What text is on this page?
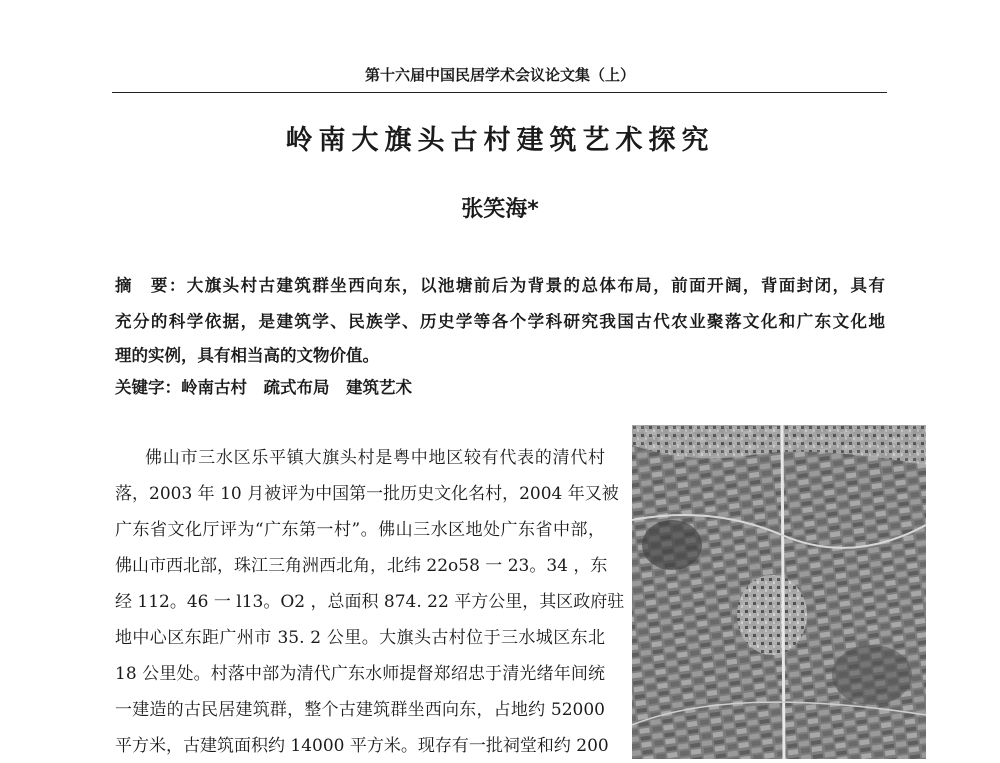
第十六届中国民居学术会议论文集（上）
岭南大旗头古村建筑艺术探究
张笑海*
摘　要：大旗头村古建筑群坐西向东，以池塘前后为背景的总体布局，前面开阔，背面封闭，具有
充分的科学依据，是建筑学、民族学、历史学等各个学科研究我国古代农业聚落文化和广东文化地
理的实例，具有相当高的文物价值。
关键字：岭南古村　疏式布局　建筑艺术
佛山市三水区乐平镇大旗头村是粤中地区较有代表的清代村
落，2003 年 10 月被评为中国第一批历史文化名村，2004 年又被
广东省文化厅评为“广东第一村”。佛山三水区地处广东省中部，
佛山市西北部，珠江三角洲西北角，北纬 22o58 一 23。34 ，东
经 112。46 一 l13。O2 ，总面积 874. 22 平方公里，其区政府驻
地中心区东距广州市 35. 2 公里。大旗头古村位于三水城区东北
18 公里处。村落中部为清代广东水师提督郑绍忠于清光绪年间统
一建造的古民居建筑群，整个古建筑群坐西向东，占地约 52000
平方米，古建筑面积约 14000 平方米。现存有一批祠堂和约 200
